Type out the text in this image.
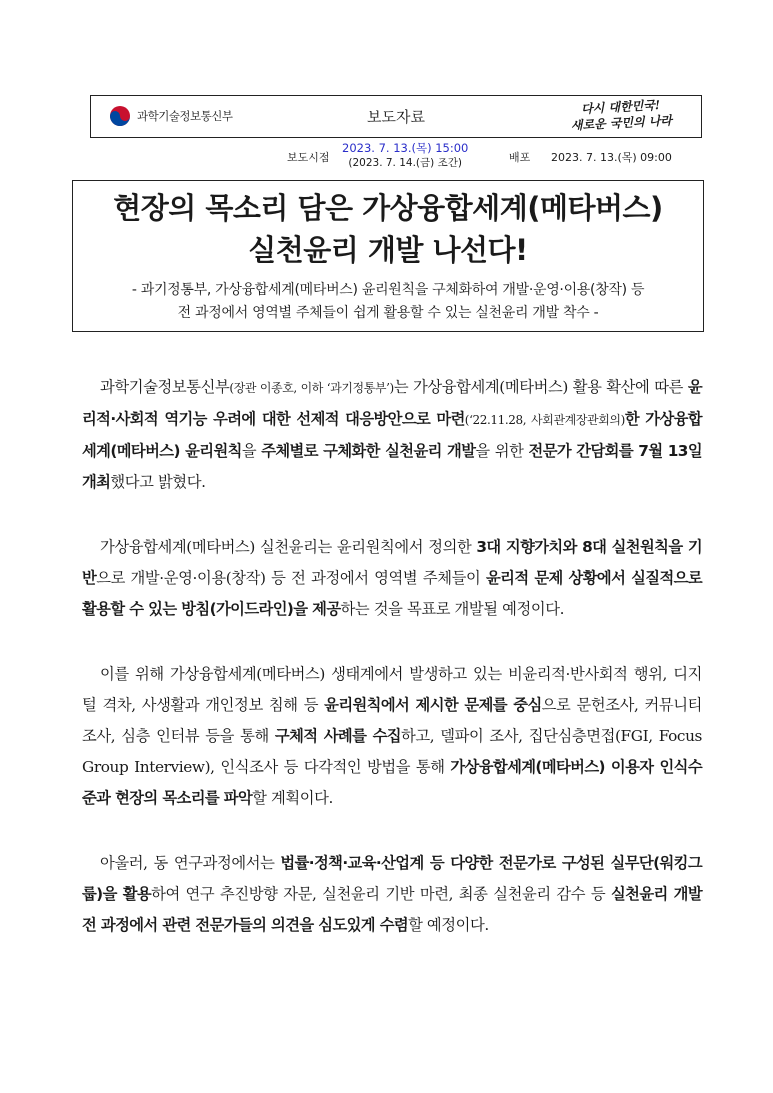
과학기술정보통신부	보도자료
다시 대한민국!
새로운 국민의 나라
보도시점
2023. 7. 13.(목) 15:00
(2023. 7. 14.(금) 조간)	배포 2023. 7. 13.(목) 09:00
현장의 목소리 담은 가상융합세계(메타버스)
실천윤리 개발 나선다!
- 과기정통부, 가상융합세계(메타버스) 윤리원칙을 구체화하여 개발·운영·이용(창작) 등
전 과정에서 영역별 주체들이 쉽게 활용할 수 있는 실천윤리 개발 착수 -

과학기술정보통신부(장관 이종호, 이하 ‘과기정통부’)는 가상융합세계(메타버스) 활용 확산에 따른 윤리적·사회적 역기능 우려에 대한 선제적 대응방안으로 마련(‘22.11.28, 사회관계장관회의)한 가상융합세계(메타버스) 윤리원칙을 주체별로 구체화한 실천윤리 개발을 위한 전문가 간담회를 7월 13일 개최했다고 밝혔다.

가상융합세계(메타버스) 실천윤리는 윤리원칙에서 정의한 3대 지향가치와 8대 실천원칙을 기반으로 개발·운영·이용(창작) 등 전 과정에서 영역별 주체들이 윤리적 문제 상황에서 실질적으로 활용할 수 있는 방침(가이드라인)을 제공하는 것을 목표로 개발될 예정이다.

이를 위해 가상융합세계(메타버스) 생태계에서 발생하고 있는 비윤리적·반사회적 행위, 디지털 격차, 사생활과 개인정보 침해 등 윤리원칙에서 제시한 문제를 중심으로 문헌조사, 커뮤니티 조사, 심층 인터뷰 등을 통해 구체적 사례를 수집하고, 델파이 조사, 집단심층면접(FGI, Focus Group Interview), 인식조사 등 다각적인 방법을 통해 가상융합세계(메타버스) 이용자 인식수준과 현장의 목소리를 파악할 계획이다.

아울러, 동 연구과정에서는 법률·정책·교육·산업계 등 다양한 전문가로 구성된 실무단(워킹그룹)을 활용하여 연구 추진방향 자문, 실천윤리 기반 마련, 최종 실천윤리 감수 등 실천윤리 개발 전 과정에서 관련 전문가들의 의견을 심도있게 수렴할 예정이다.
